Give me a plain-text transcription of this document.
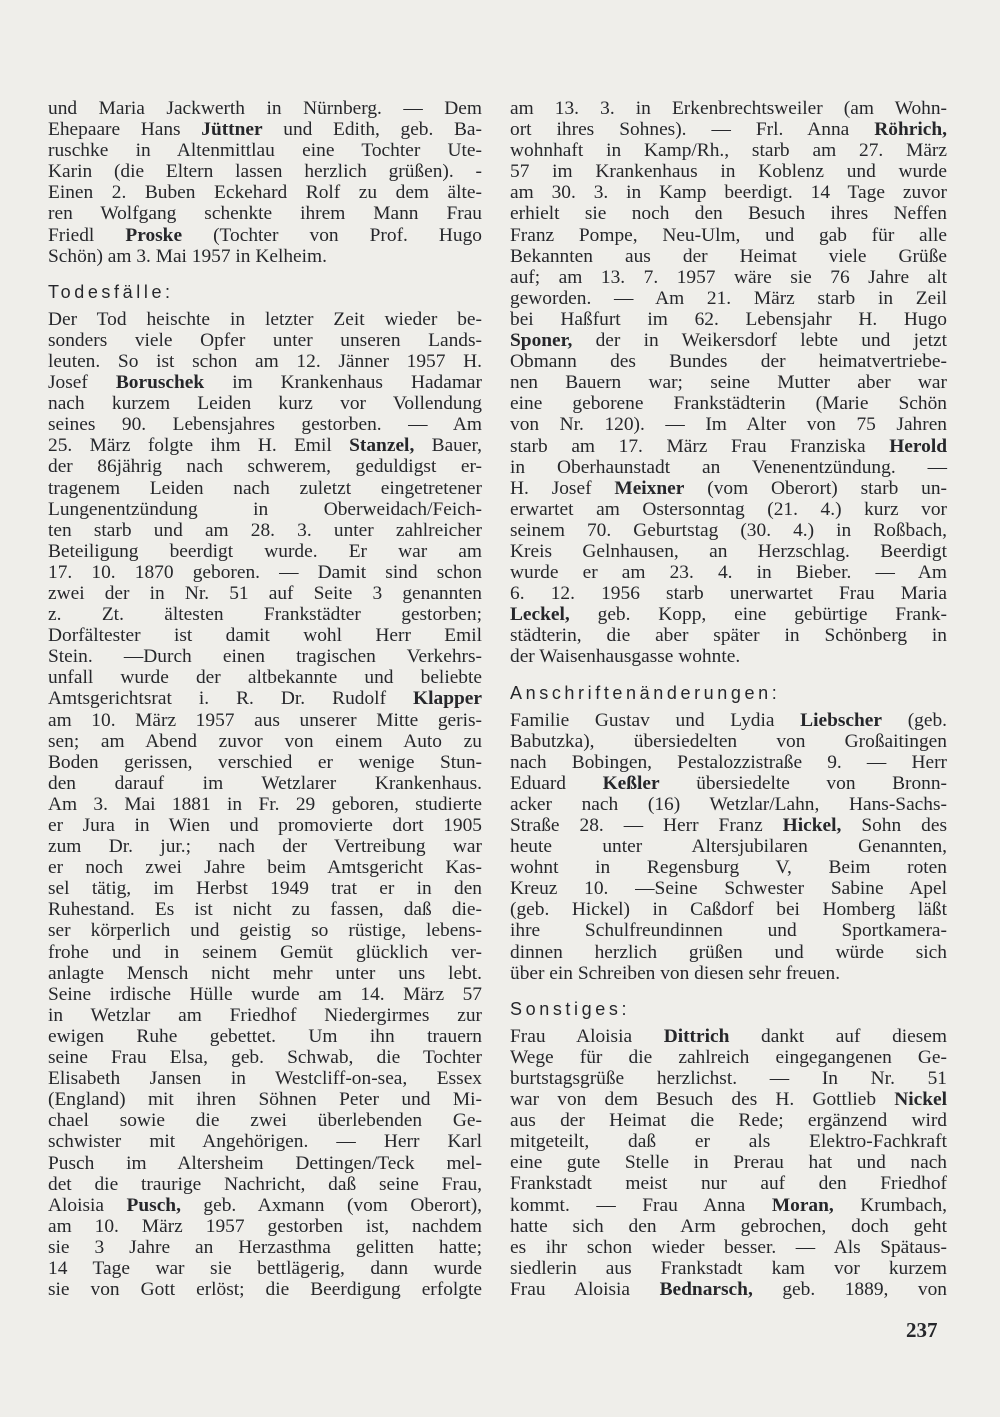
und Maria Jackwerth in Nürnberg. — Dem
Ehepaare Hans Jüttner und Edith, geb. Ba-
ruschke in Altenmittlau eine Tochter Ute-
Karin (die Eltern lassen herzlich grüßen). -
Einen 2. Buben Eckehard Rolf zu dem älte-
ren Wolfgang schenkte ihrem Mann Frau
Friedl Proske (Tochter von Prof. Hugo
Schön) am 3. Mai 1957 in Kelheim.
Todesfälle:
Der Tod heischte in letzter Zeit wieder be-
sonders viele Opfer unter unseren Lands-
leuten. So ist schon am 12. Jänner 1957 H.
Josef Boruschek im Krankenhaus Hadamar
nach kurzem Leiden kurz vor Vollendung
seines 90. Lebensjahres gestorben. — Am
25. März folgte ihm H. Emil Stanzel, Bauer,
der 86jährig nach schwerem, geduldigst er-
tragenem Leiden nach zuletzt eingetretener
Lungenentzündung in Oberweidach/Feich-
ten starb und am 28. 3. unter zahlreicher
Beteiligung beerdigt wurde. Er war am
17. 10. 1870 geboren. — Damit sind schon
zwei der in Nr. 51 auf Seite 3 genannten
z. Zt. ältesten Frankstädter gestorben;
Dorfältester ist damit wohl Herr Emil
Stein. —Durch einen tragischen Verkehrs-
unfall wurde der altbekannte und beliebte
Amtsgerichtsrat i. R. Dr. Rudolf Klapper
am 10. März 1957 aus unserer Mitte geris-
sen; am Abend zuvor von einem Auto zu
Boden gerissen, verschied er wenige Stun-
den darauf im Wetzlarer Krankenhaus.
Am 3. Mai 1881 in Fr. 29 geboren, studierte
er Jura in Wien und promovierte dort 1905
zum Dr. jur.; nach der Vertreibung war
er noch zwei Jahre beim Amtsgericht Kas-
sel tätig, im Herbst 1949 trat er in den
Ruhestand. Es ist nicht zu fassen, daß die-
ser körperlich und geistig so rüstige, lebens-
frohe und in seinem Gemüt glücklich ver-
anlagte Mensch nicht mehr unter uns lebt.
Seine irdische Hülle wurde am 14. März 57
in Wetzlar am Friedhof Niedergirmes zur
ewigen Ruhe gebettet. Um ihn trauern
seine Frau Elsa, geb. Schwab, die Tochter
Elisabeth Jansen in Westcliff-on-sea, Essex
(England) mit ihren Söhnen Peter und Mi-
chael sowie die zwei überlebenden Ge-
schwister mit Angehörigen. — Herr Karl
Pusch im Altersheim Dettingen/Teck mel-
det die traurige Nachricht, daß seine Frau,
Aloisia Pusch, geb. Axmann (vom Oberort),
am 10. März 1957 gestorben ist, nachdem
sie 3 Jahre an Herzasthma gelitten hatte;
14 Tage war sie bettlägerig, dann wurde
sie von Gott erlöst; die Beerdigung erfolgte
am 13. 3. in Erkenbrechtsweiler (am Wohn-
ort ihres Sohnes). — Frl. Anna Röhrich,
wohnhaft in Kamp/Rh., starb am 27. März
57 im Krankenhaus in Koblenz und wurde
am 30. 3. in Kamp beerdigt. 14 Tage zuvor
erhielt sie noch den Besuch ihres Neffen
Franz Pompe, Neu-Ulm, und gab für alle
Bekannten aus der Heimat viele Grüße
auf; am 13. 7. 1957 wäre sie 76 Jahre alt
geworden. — Am 21. März starb in Zeil
bei Haßfurt im 62. Lebensjahr H. Hugo
Sponer, der in Weikersdorf lebte und jetzt
Obmann des Bundes der heimatvertriebe-
nen Bauern war; seine Mutter aber war
eine geborene Frankstädterin (Marie Schön
von Nr. 120). — Im Alter von 75 Jahren
starb am 17. März Frau Franziska Herold
in Oberhaunstadt an Venenentzündung. —
H. Josef Meixner (vom Oberort) starb un-
erwartet am Ostersonntag (21. 4.) kurz vor
seinem 70. Geburtstag (30. 4.) in Roßbach,
Kreis Gelnhausen, an Herzschlag. Beerdigt
wurde er am 23. 4. in Bieber. — Am
6. 12. 1956 starb unerwartet Frau Maria
Leckel, geb. Kopp, eine gebürtige Frank-
städterin, die aber später in Schönberg in
der Waisenhausgasse wohnte.
Anschriftenänderungen:
Familie Gustav und Lydia Liebscher (geb.
Babutzka), übersiedelten von Großaitingen
nach Bobingen, Pestalozzistraße 9. — Herr
Eduard Keßler übersiedelte von Bronn-
acker nach (16) Wetzlar/Lahn, Hans-Sachs-
Straße 28. — Herr Franz Hickel, Sohn des
heute unter Altersjubilaren Genannten,
wohnt in Regensburg V, Beim roten
Kreuz 10. —Seine Schwester Sabine Apel
(geb. Hickel) in Caßdorf bei Homberg läßt
ihre Schulfreundinnen und Sportkamera-
dinnen herzlich grüßen und würde sich
über ein Schreiben von diesen sehr freuen.
Sonstiges:
Frau Aloisia Dittrich dankt auf diesem
Wege für die zahlreich eingegangenen Ge-
burtstagsgrüße herzlichst. — In Nr. 51
war von dem Besuch des H. Gottlieb Nickel
aus der Heimat die Rede; ergänzend wird
mitgeteilt, daß er als Elektro-Fachkraft
eine gute Stelle in Prerau hat und nach
Frankstadt meist nur auf den Friedhof
kommt. — Frau Anna Moran, Krumbach,
hatte sich den Arm gebrochen, doch geht
es ihr schon wieder besser. — Als Spätaus-
siedlerin aus Frankstadt kam vor kurzem
Frau Aloisia Bednarsch, geb. 1889, von
237
